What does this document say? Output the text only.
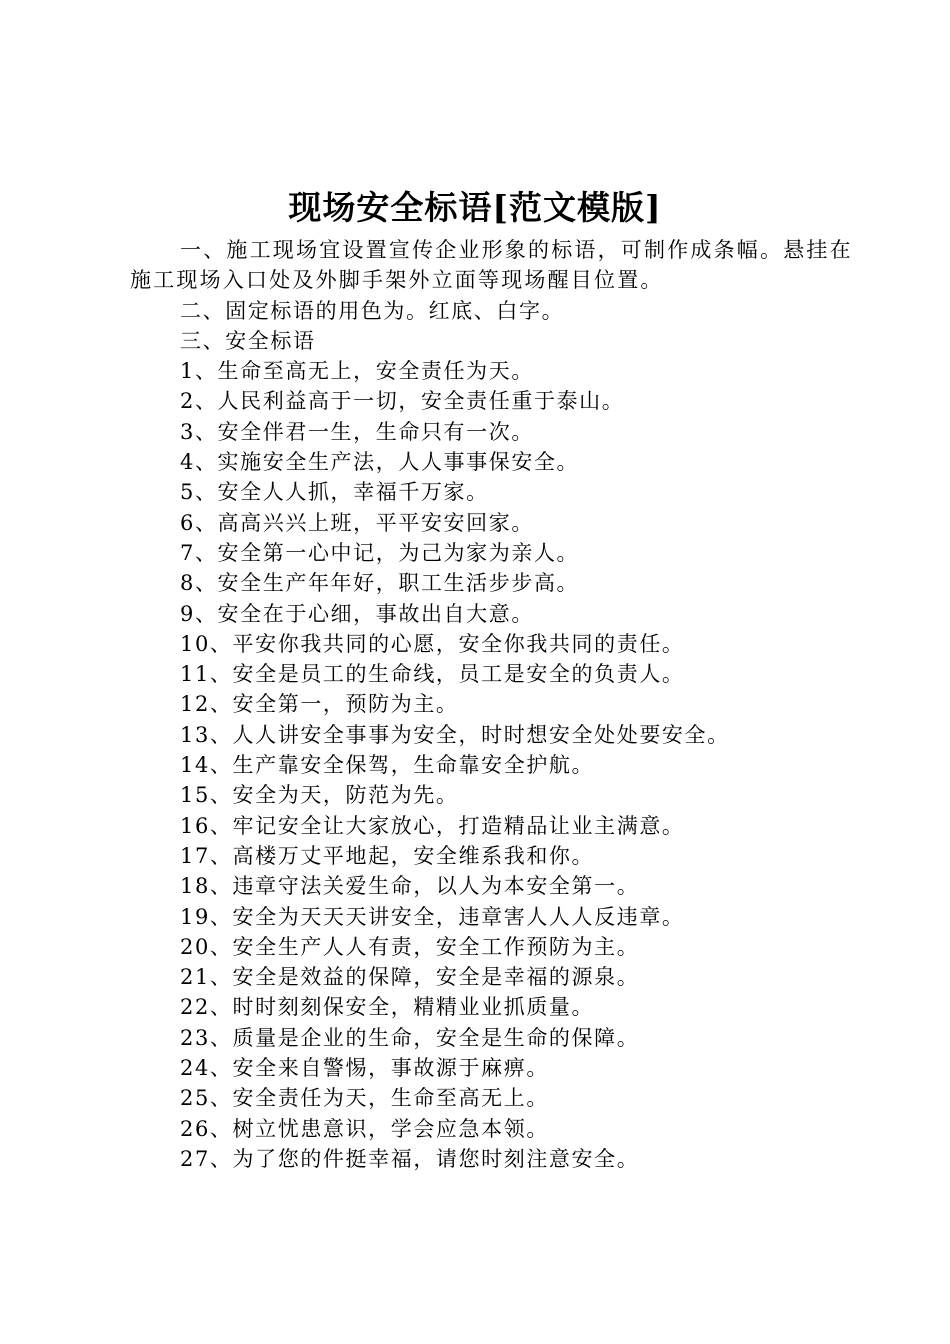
现场安全标语[范文模版]

一、施工现场宜设置宣传企业形象的标语，可制作成条幅。悬挂在施工现场入口处及外脚手架外立面等现场醒目位置。

二、固定标语的用色为。红底、白字。

三、安全标语

1、生命至高无上，安全责任为天。

2、人民利益高于一切，安全责任重于泰山。

3、安全伴君一生，生命只有一次。

4、实施安全生产法，人人事事保安全。

5、安全人人抓，幸福千万家。

6、高高兴兴上班，平平安安回家。

7、安全第一心中记，为己为家为亲人。

8、安全生产年年好，职工生活步步高。

9、安全在于心细，事故出自大意。

10、平安你我共同的心愿，安全你我共同的责任。

11、安全是员工的生命线，员工是安全的负责人。

12、安全第一，预防为主。

13、人人讲安全事事为安全，时时想安全处处要安全。

14、生产靠安全保驾，生命靠安全护航。

15、安全为天，防范为先。

16、牢记安全让大家放心，打造精品让业主满意。

17、高楼万丈平地起，安全维系我和你。

18、违章守法关爱生命，以人为本安全第一。

19、安全为天天天讲安全，违章害人人人反违章。

20、安全生产人人有责，安全工作预防为主。

21、安全是效益的保障，安全是幸福的源泉。

22、时时刻刻保安全，精精业业抓质量。

23、质量是企业的生命，安全是生命的保障。

24、安全来自警惕，事故源于麻痹。

25、安全责任为天，生命至高无上。

26、树立忧患意识，学会应急本领。

27、为了您的件挺幸福，请您时刻注意安全。
